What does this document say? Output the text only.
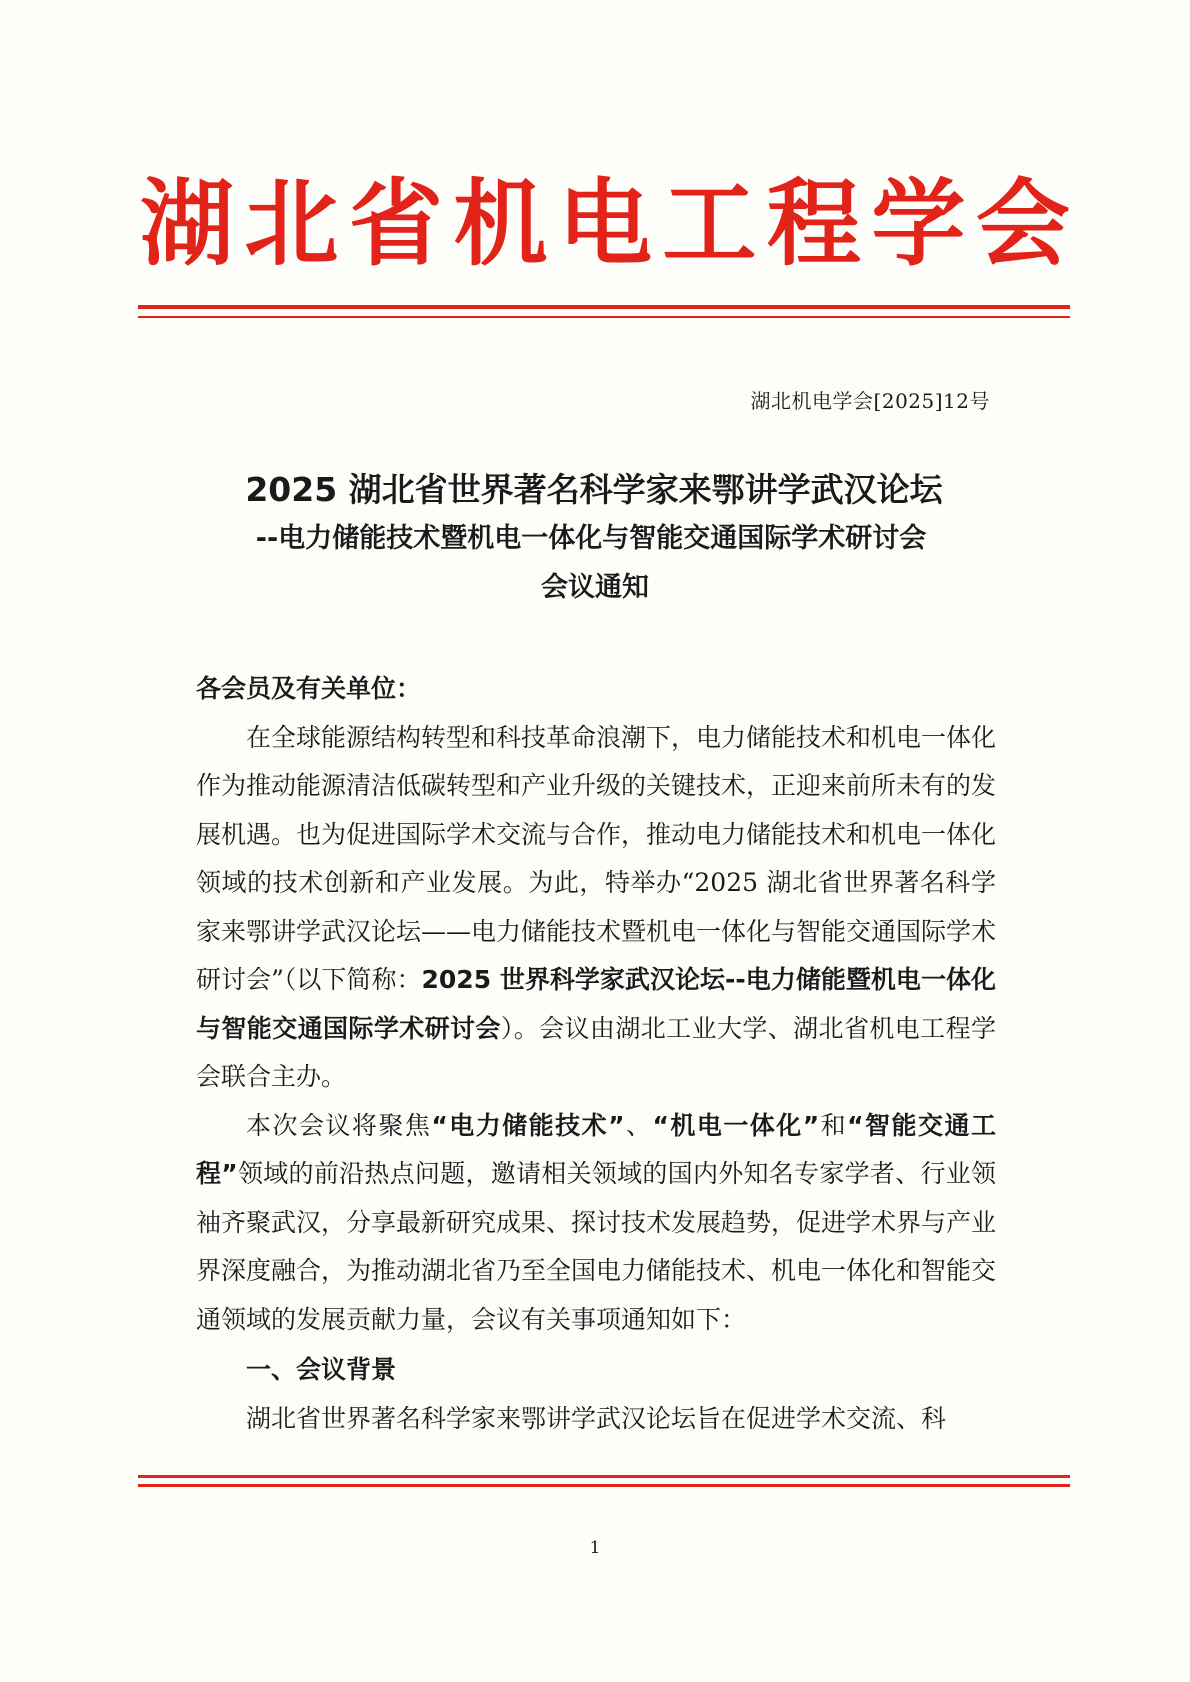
湖 北 省 机 电 工 程 学 会
湖北机电学会[2025]12号
2025 湖北省世界著名科学家来鄂讲学武汉论坛
--电力储能技术暨机电一体化与智能交通国际学术研讨会
会议通知

各会员及有关单位：

在全球能源结构转型和科技革命浪潮下，电力储能技术和机电一体化作为推动能源清洁低碳转型和产业升级的关键技术，正迎来前所未有的发展机遇。也为促进国际学术交流与合作，推动电力储能技术和机电一体化领域的技术创新和产业发展。为此，特举办“2025 湖北省世界著名科学家来鄂讲学武汉论坛——电力储能技术暨机电一体化与智能交通国际学术研讨会”（以下简称：2025 世界科学家武汉论坛--电力储能暨机电一体化与智能交通国际学术研讨会）。会议由湖北工业大学、湖北省机电工程学会联合主办。

本次会议将聚焦“电力储能技术”、“机电一体化”和“智能交通工程”领域的前沿热点问题，邀请相关领域的国内外知名专家学者、行业领袖齐聚武汉，分享最新研究成果、探讨技术发展趋势，促进学术界与产业界深度融合，为推动湖北省乃至全国电力储能技术、机电一体化和智能交通领域的发展贡献力量，会议有关事项通知如下：

一、会议背景

湖北省世界著名科学家来鄂讲学武汉论坛旨在促进学术交流、科

1
